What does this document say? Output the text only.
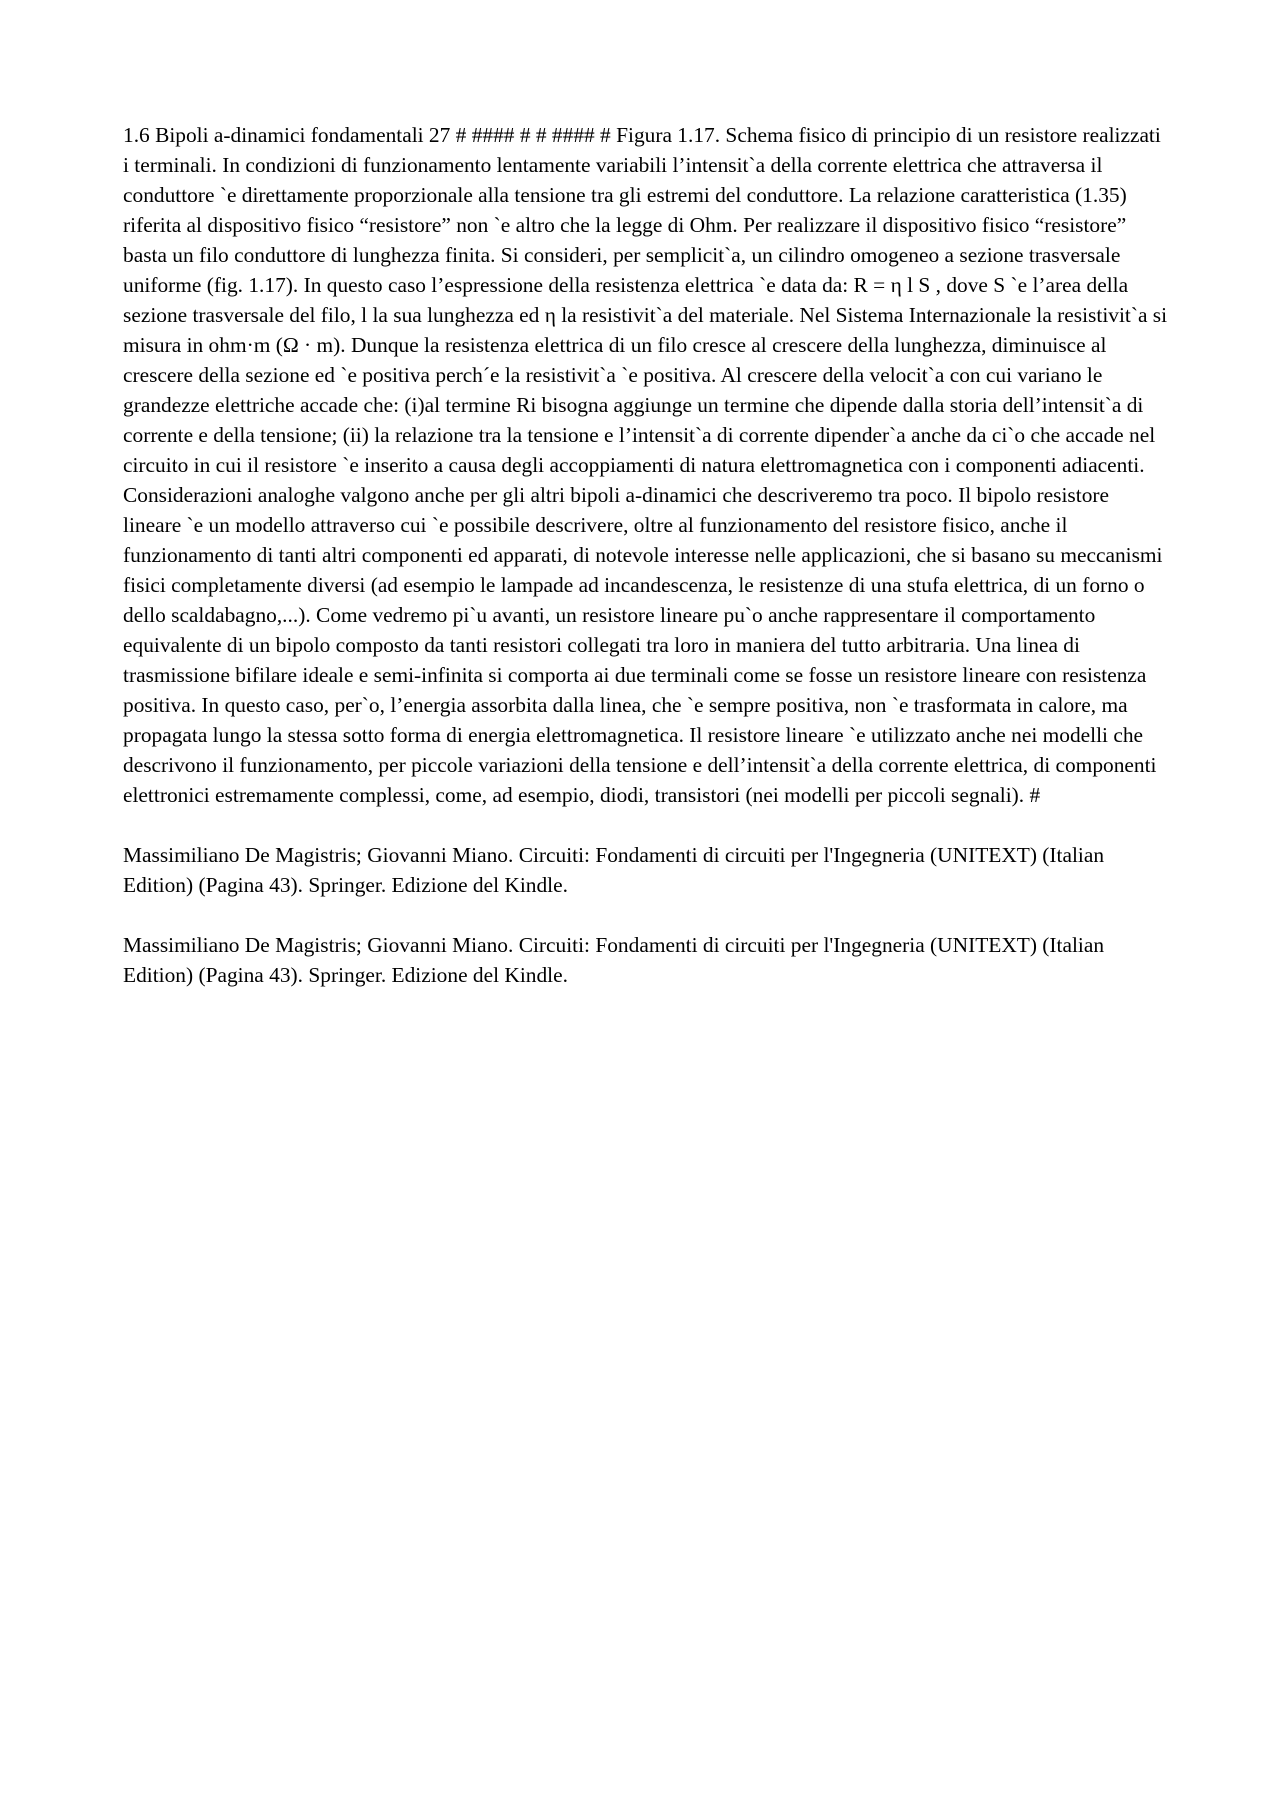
1.6 Bipoli a-dinamici fondamentali 27 # #### # # #### # Figura 1.17. Schema fisico di principio di un resistore realizzati i terminali. In condizioni di funzionamento lentamente variabili l’intensit`a della corrente elettrica che attraversa il conduttore `e direttamente proporzionale alla tensione tra gli estremi del conduttore. La relazione caratteristica (1.35) riferita al dispositivo fisico “resistore” non `e altro che la legge di Ohm. Per realizzare il dispositivo fisico “resistore” basta un filo conduttore di lunghezza finita. Si consideri, per semplicit`a, un cilindro omogeneo a sezione trasversale uniforme (fig. 1.17). In questo caso l’espressione della resistenza elettrica `e data da: R = η l S , dove S `e l’area della sezione trasversale del filo, l la sua lunghezza ed η la resistivit`a del materiale. Nel Sistema Internazionale la resistivit`a si misura in ohm·m (Ω · m). Dunque la resistenza elettrica di un filo cresce al crescere della lunghezza, diminuisce al crescere della sezione ed `e positiva perch´e la resistivit`a `e positiva. Al crescere della velocit`a con cui variano le grandezze elettriche accade che: (i)al termine Ri bisogna aggiunge un termine che dipende dalla storia dell’intensit`a di corrente e della tensione; (ii) la relazione tra la tensione e l’intensit`a di corrente dipender`a anche da ci`o che accade nel circuito in cui il resistore `e inserito a causa degli accoppiamenti di natura elettromagnetica con i componenti adiacenti. Considerazioni analoghe valgono anche per gli altri bipoli a-dinamici che descriveremo tra poco. Il bipolo resistore lineare `e un modello attraverso cui `e possibile descrivere, oltre al funzionamento del resistore fisico, anche il funzionamento di tanti altri componenti ed apparati, di notevole interesse nelle applicazioni, che si basano su meccanismi fisici completamente diversi (ad esempio le lampade ad incandescenza, le resistenze di una stufa elettrica, di un forno o dello scaldabagno,...). Come vedremo pi`u avanti, un resistore lineare pu`o anche rappresentare il comportamento equivalente di un bipolo composto da tanti resistori collegati tra loro in maniera del tutto arbitraria. Una linea di trasmissione bifilare ideale e semi-infinita si comporta ai due terminali come se fosse un resistore lineare con resistenza positiva. In questo caso, per`o, l’energia assorbita dalla linea, che `e sempre positiva, non `e trasformata in calore, ma propagata lungo la stessa sotto forma di energia elettromagnetica. Il resistore lineare `e utilizzato anche nei modelli che descrivono il funzionamento, per piccole variazioni della tensione e dell’intensit`a della corrente elettrica, di componenti elettronici estremamente complessi, come, ad esempio, diodi, transistori (nei modelli per piccoli segnali). #

Massimiliano De Magistris; Giovanni Miano. Circuiti: Fondamenti di circuiti per l'Ingegneria (UNITEXT) (Italian Edition) (Pagina 43). Springer. Edizione del Kindle.

Massimiliano De Magistris; Giovanni Miano. Circuiti: Fondamenti di circuiti per l'Ingegneria (UNITEXT) (Italian Edition) (Pagina 43). Springer. Edizione del Kindle.
